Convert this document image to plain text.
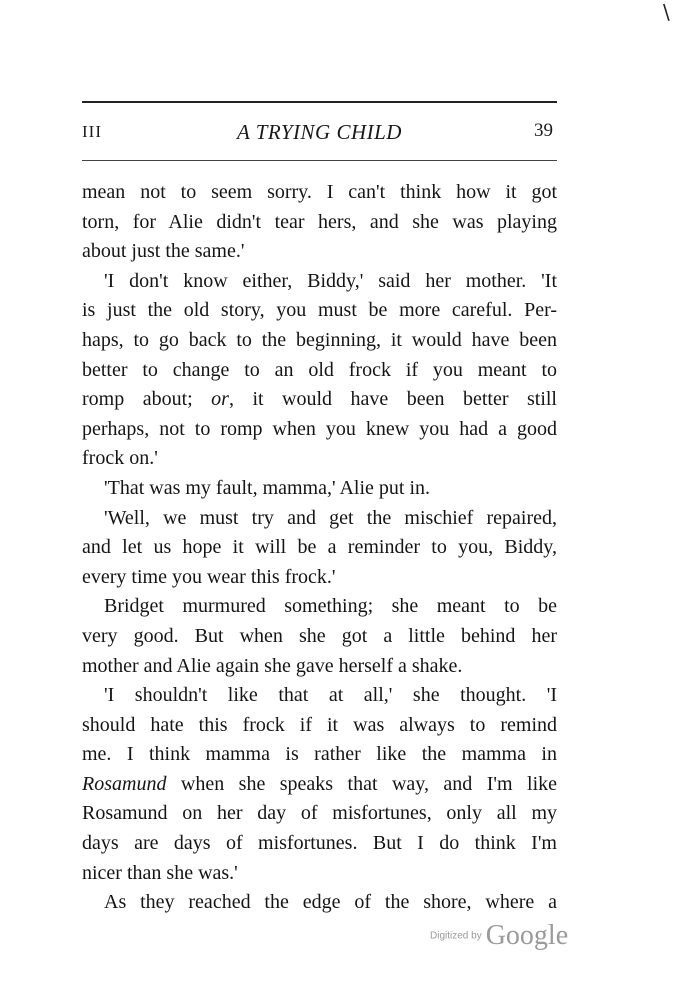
\
III	A TRYING CHILD	39
mean not to seem sorry. I can't think how it got
torn, for Alie didn't tear hers, and she was playing
about just the same.'
'I don't know either, Biddy,' said her mother. 'It
is just the old story, you must be more careful. Per-
haps, to go back to the beginning, it would have been
better to change to an old frock if you meant to
romp about; or, it would have been better still
perhaps, not to romp when you knew you had a good
frock on.'
'That was my fault, mamma,' Alie put in.
'Well, we must try and get the mischief repaired,
and let us hope it will be a reminder to you, Biddy,
every time you wear this frock.'
Bridget murmured something; she meant to be
very good. But when she got a little behind her
mother and Alie again she gave herself a shake.
'I shouldn't like that at all,' she thought. 'I
should hate this frock if it was always to remind
me. I think mamma is rather like the mamma in
Rosamund when she speaks that way, and I'm like
Rosamund on her day of misfortunes, only all my
days are days of misfortunes. But I do think I'm
nicer than she was.'
As they reached the edge of the shore, where a
Digitized by Google
